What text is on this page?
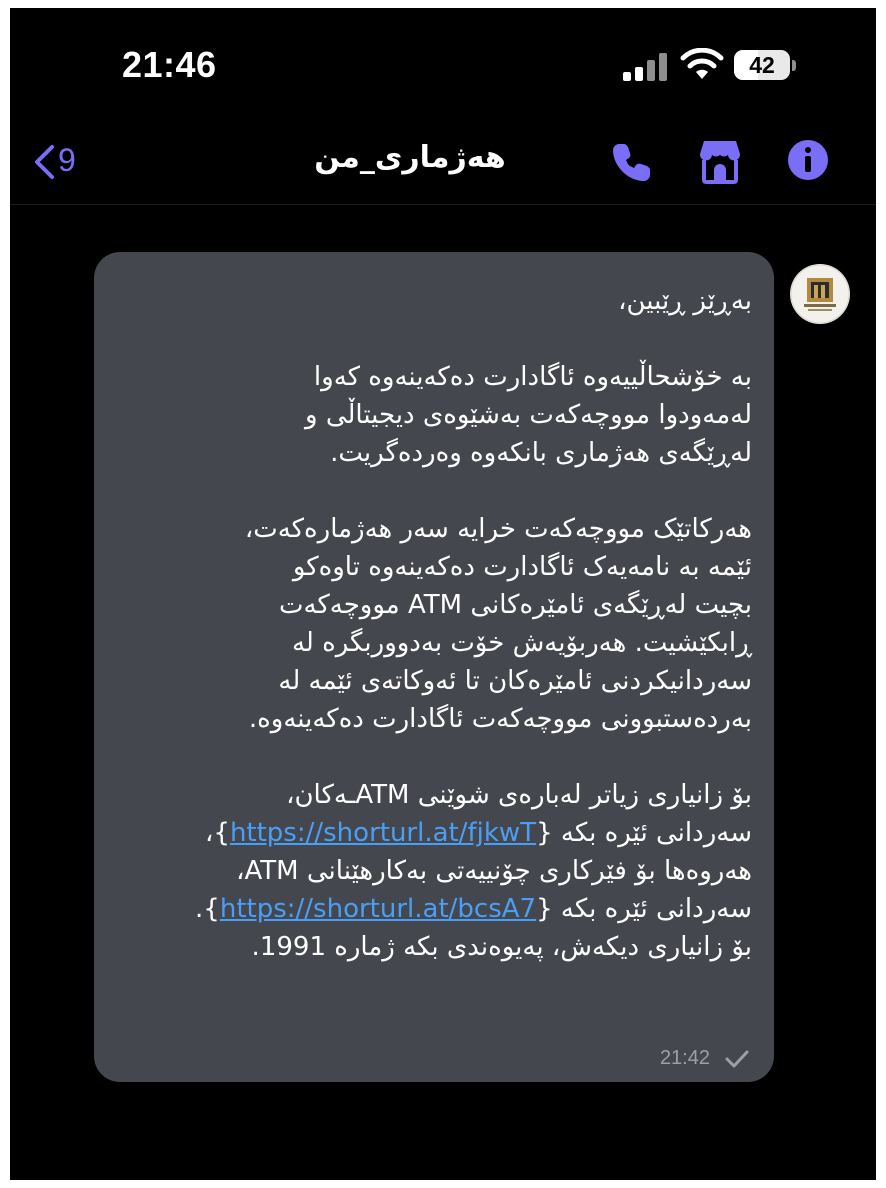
21:46	42
9	هەژماری_من
بەڕێز ڕێبین،

بە خۆشحاڵییەوە ئاگادارت دەکەینەوە کەوا
لەمەودوا مووچەکەت بەشێوەی دیجیتاڵی و
لەڕێگەی هەژماری بانکەوە وەردەگریت.

هەرکاتێک مووچەکەت خرایە سەر هەژمارەکەت،
ئێمە بە نامەیەک ئاگادارت دەکەینەوە تاوەکو
بچیت لەڕێگەی ئامێرەکانی ATM مووچەکەت
ڕابکێشیت. هەربۆیەش خۆت بەدووربگرە لە
سەردانیکردنی ئامێرەکان تا ئەوکاتەی ئێمە لە
بەردەستبوونی مووچەکەت ئاگادارت دەکەینەوە.

بۆ زانیاری زیاتر لەبارەی شوێنی ATMـەکان،
سەردانی ئێرە بکە {https://shorturl.at/fjkwT}،
هەروەها بۆ فێرکاری چۆنییەتی بەکارهێنانی ATM،
سەردانی ئێرە بکە {https://shorturl.at/bcsA7}.
بۆ زانیاری دیکەش، پەیوەندی بکە ژمارە 1991.
21:42
